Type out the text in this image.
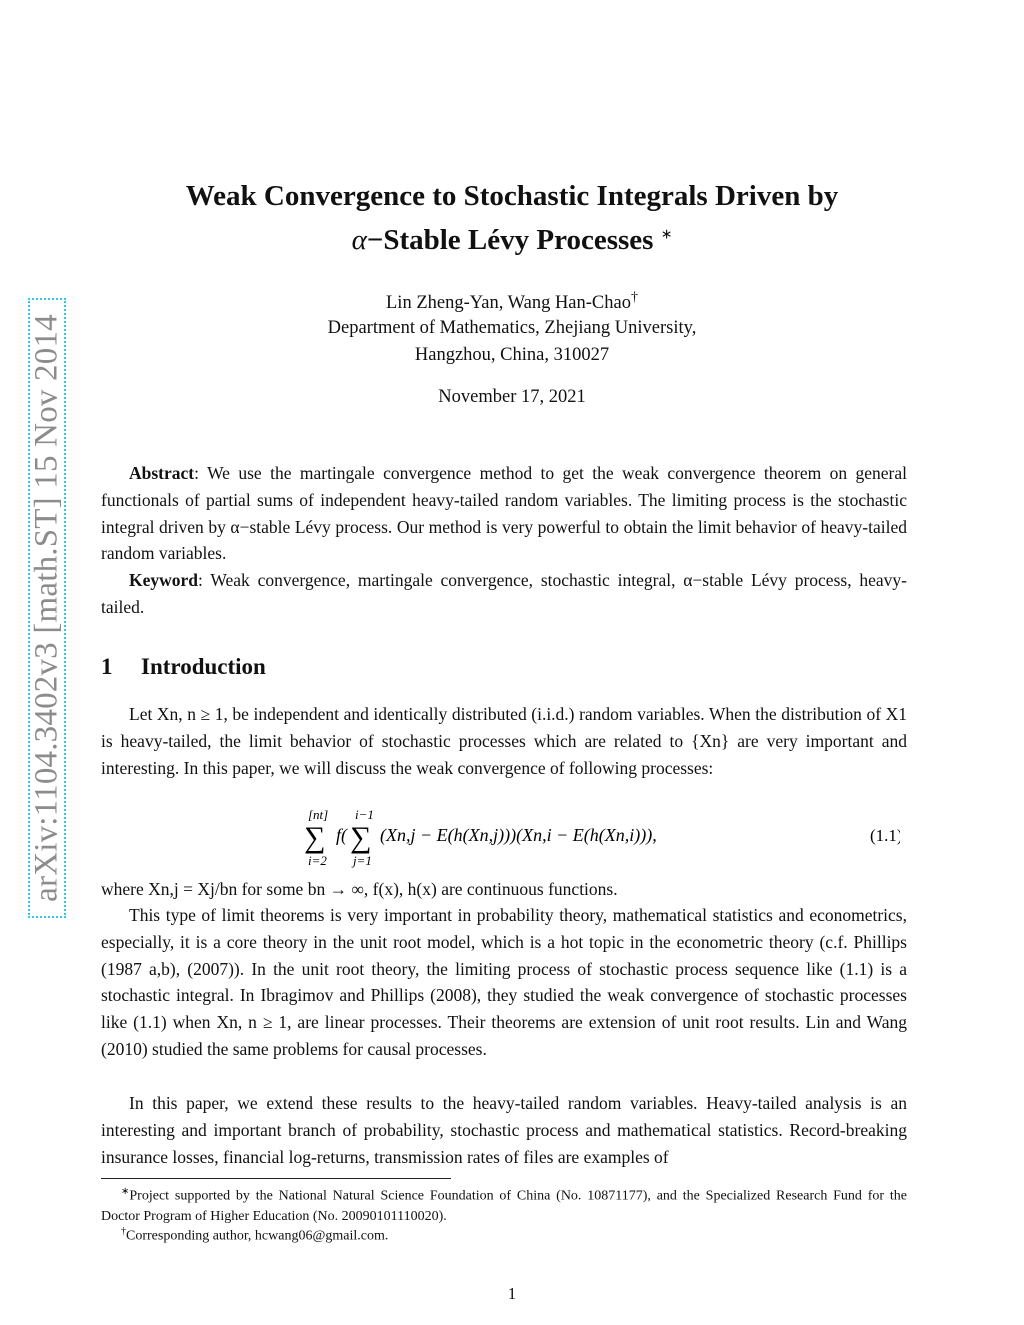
arXiv:1104.3402v3 [math.ST] 15 Nov 2014
Weak Convergence to Stochastic Integrals Driven by
α−Stable Lévy Processes ∗
Lin Zheng-Yan, Wang Han-Chao†
Department of Mathematics, Zhejiang University,
Hangzhou, China, 310027
November 17, 2021
Abstract: We use the martingale convergence method to get the weak convergence theorem on general functionals of partial sums of independent heavy-tailed random variables. The limiting process is the stochastic integral driven by α−stable Lévy process. Our method is very powerful to obtain the limit behavior of heavy-tailed random variables.
Keyword: Weak convergence, martingale convergence, stochastic integral, α−stable Lévy process, heavy-tailed.
1 Introduction
Let Xn, n ≥ 1, be independent and identically distributed (i.i.d.) random variables. When the distribution of X1 is heavy-tailed, the limit behavior of stochastic processes which are related to {Xn} are very important and interesting. In this paper, we will discuss the weak convergence of following processes:
[nt]
∑
i=2
f(
i−1
∑
j=1
(Xn,j − E(h(Xn,j)))(Xn,i − E(h(Xn,i))),	(1.1)
where Xn,j = Xj/bn for some bn → ∞, f(x), h(x) are continuous functions.
This type of limit theorems is very important in probability theory, mathematical statistics and econometrics, especially, it is a core theory in the unit root model, which is a hot topic in the econometric theory (c.f. Phillips (1987 a,b), (2007)). In the unit root theory, the limiting process of stochastic process sequence like (1.1) is a stochastic integral. In Ibragimov and Phillips (2008), they studied the weak convergence of stochastic processes like (1.1) when Xn, n ≥ 1, are linear processes. Their theorems are extension of unit root results. Lin and Wang (2010) studied the same problems for causal processes.
In this paper, we extend these results to the heavy-tailed random variables. Heavy-tailed analysis is an interesting and important branch of probability, stochastic process and mathematical statistics. Record-breaking insurance losses, financial log-returns, transmission rates of files are examples of
∗Project supported by the National Natural Science Foundation of China (No. 10871177), and the Specialized Research Fund for the Doctor Program of Higher Education (No. 20090101110020).
†Corresponding author, hcwang06@gmail.com.
1
